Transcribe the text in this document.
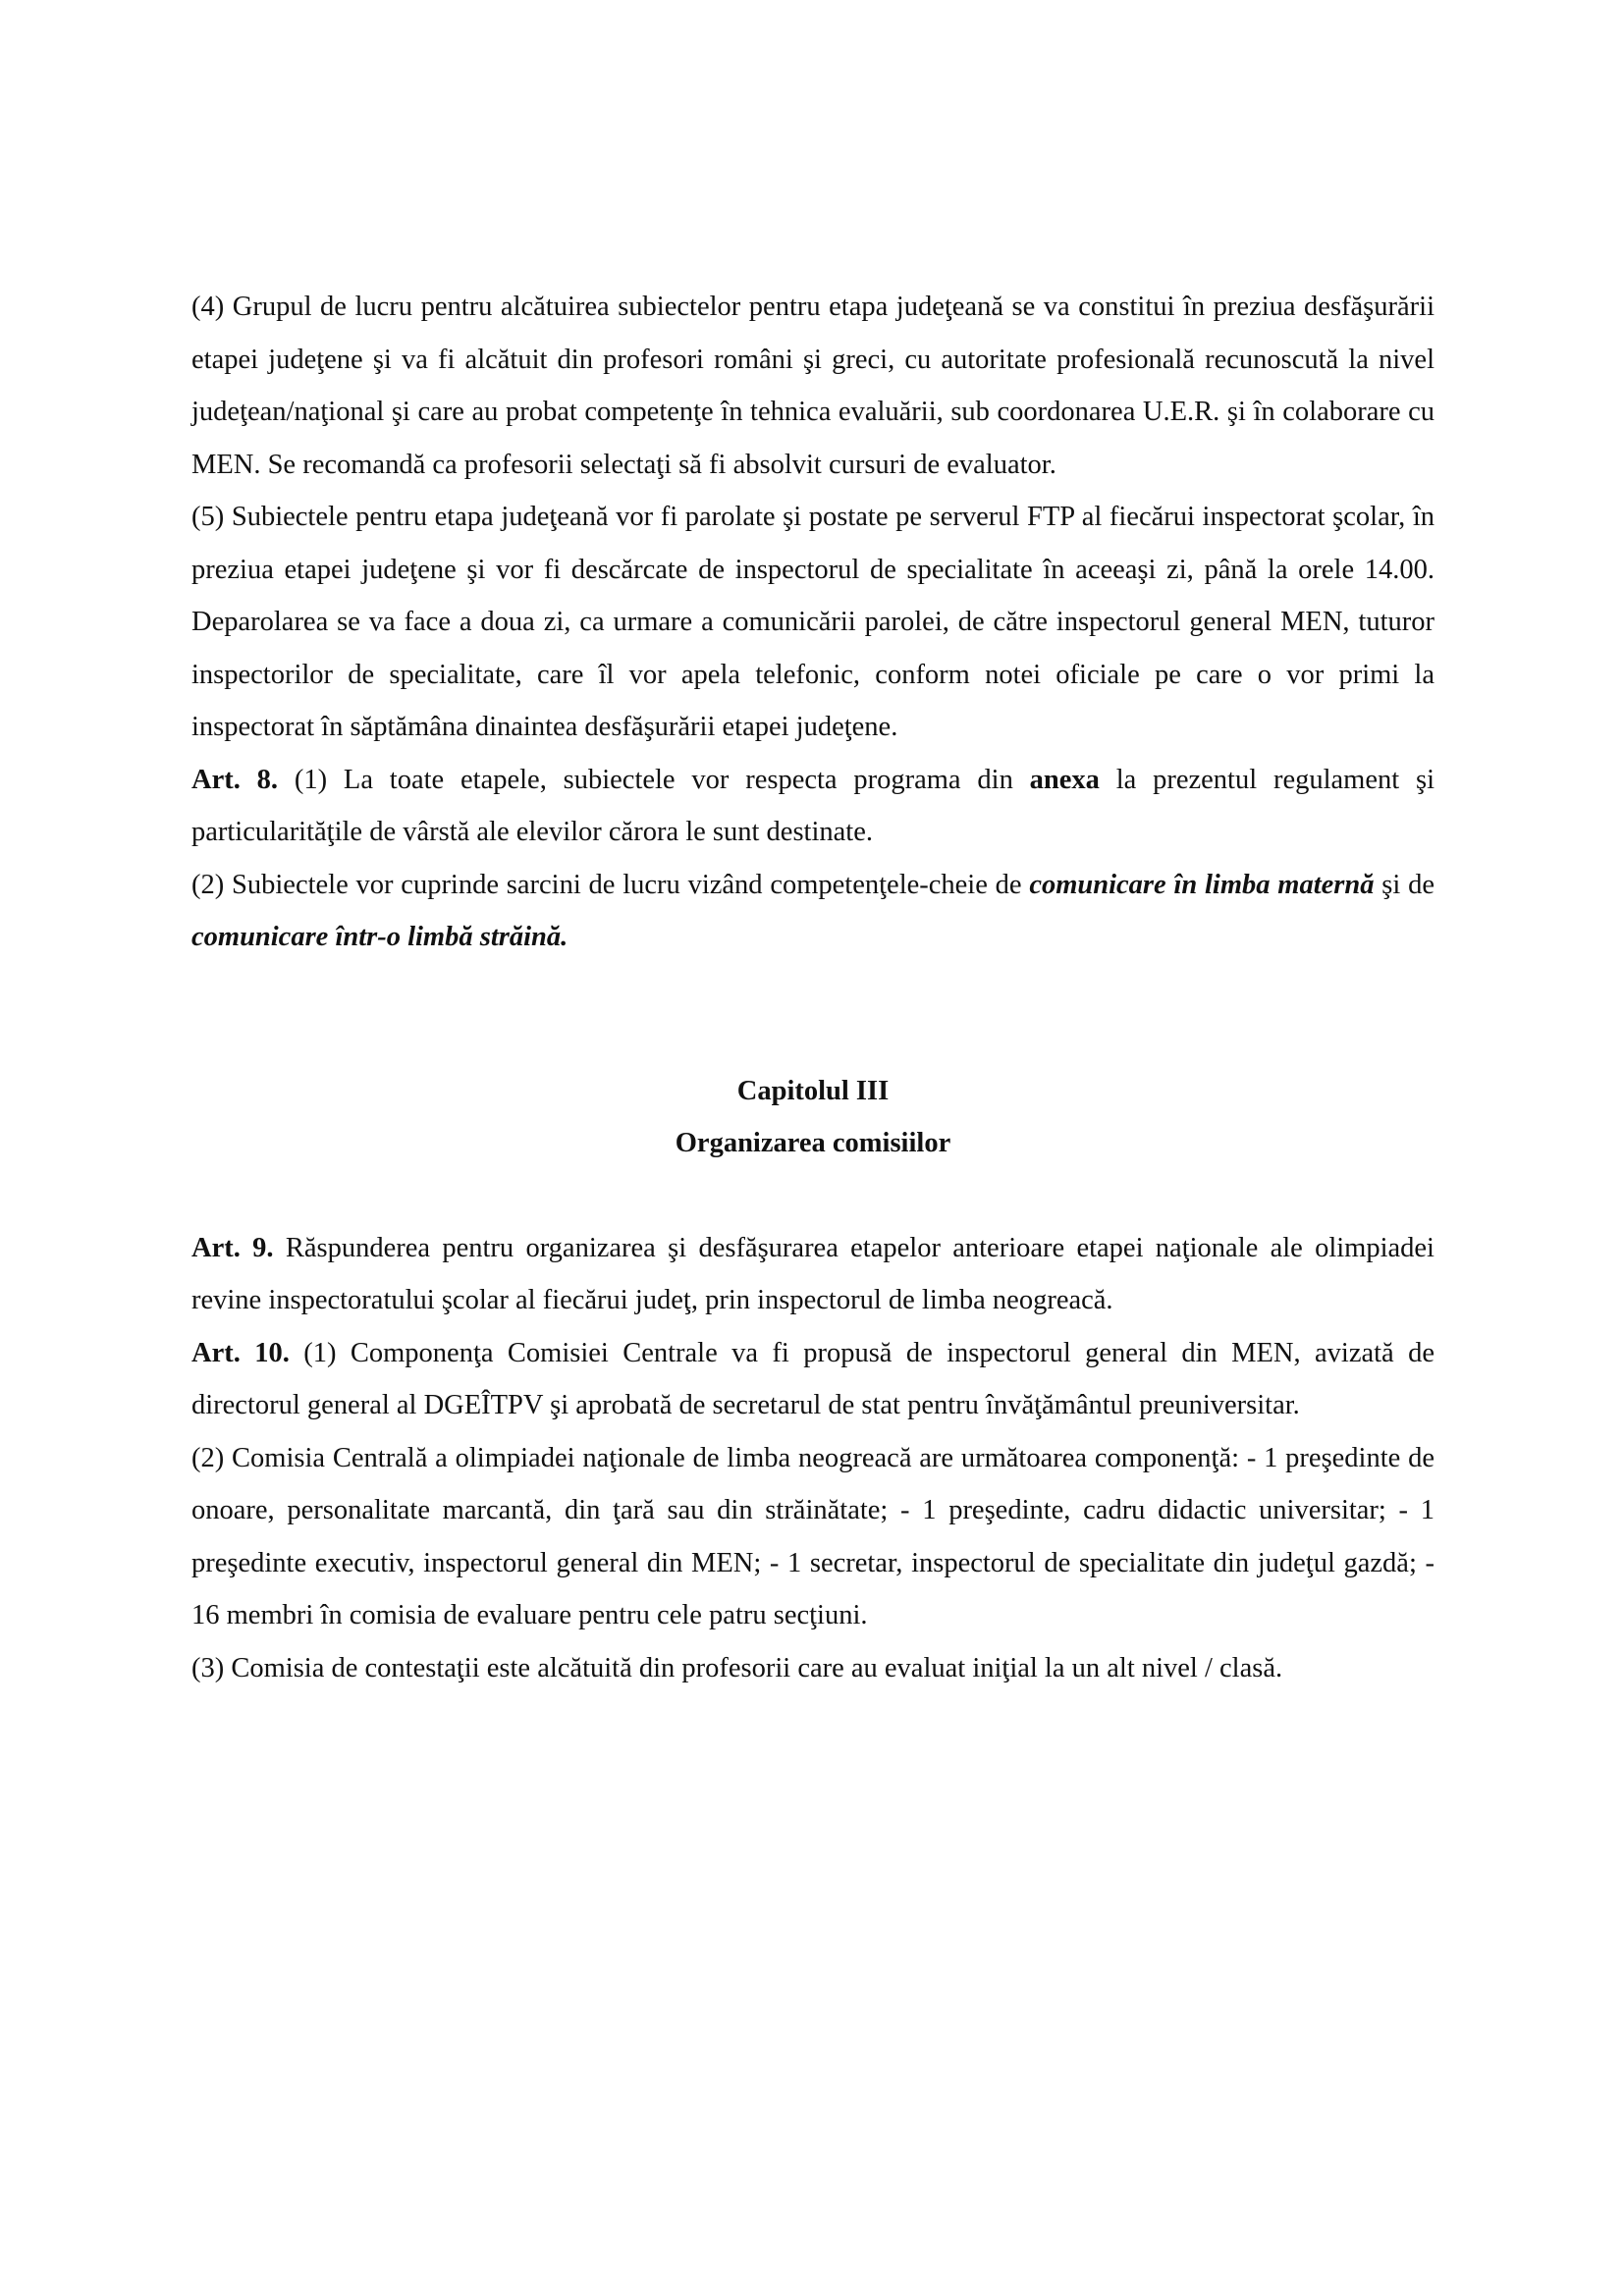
(4) Grupul de lucru pentru alcătuirea subiectelor pentru etapa judeţeană se va constitui în preziua desfăşurării etapei judeţene şi va fi alcătuit din profesori români şi greci, cu autoritate profesională recunoscută la nivel judeţean/naţional şi care au probat competenţe în tehnica evaluării, sub coordonarea U.E.R. şi în colaborare cu MEN. Se recomandă ca profesorii selectaţi să fi absolvit cursuri de evaluator.

(5) Subiectele pentru etapa judeţeană vor fi parolate şi postate pe serverul FTP al fiecărui inspectorat şcolar, în preziua etapei judeţene şi vor fi descărcate de inspectorul de specialitate în aceeaşi zi, până la orele 14.00. Deparolarea se va face a doua zi, ca urmare a comunicării parolei, de către inspectorul general MEN, tuturor inspectorilor de specialitate, care îl vor apela telefonic, conform notei oficiale pe care o vor primi la inspectorat în săptămâna dinaintea desfăşurării etapei judeţene.

Art. 8. (1) La toate etapele, subiectele vor respecta programa din anexa la prezentul regulament şi particularităţile de vârstă ale elevilor cărora le sunt destinate.

(2) Subiectele vor cuprinde sarcini de lucru vizând competenţele-cheie de comunicare în limba maternă şi de comunicare într-o limbă străină.

Capitolul III
Organizarea comisiilor

Art. 9. Răspunderea pentru organizarea şi desfăşurarea etapelor anterioare etapei naţionale ale olimpiadei revine inspectoratului şcolar al fiecărui judeţ, prin inspectorul de limba neogreacă.

Art. 10. (1) Componenţa Comisiei Centrale va fi propusă de inspectorul general din MEN, avizată de directorul general al DGEÎTPV şi aprobată de secretarul de stat pentru învăţământul preuniversitar.

(2) Comisia Centrală a olimpiadei naţionale de limba neogreacă are următoarea componenţă: - 1 preşedinte de onoare, personalitate marcantă, din ţară sau din străinătate; - 1 preşedinte, cadru didactic universitar; - 1 preşedinte executiv, inspectorul general din MEN; - 1 secretar, inspectorul de specialitate din judeţul gazdă; - 16 membri în comisia de evaluare pentru cele patru secţiuni.

(3) Comisia de contestaţii este alcătuită din profesorii care au evaluat iniţial la un alt nivel / clasă.
